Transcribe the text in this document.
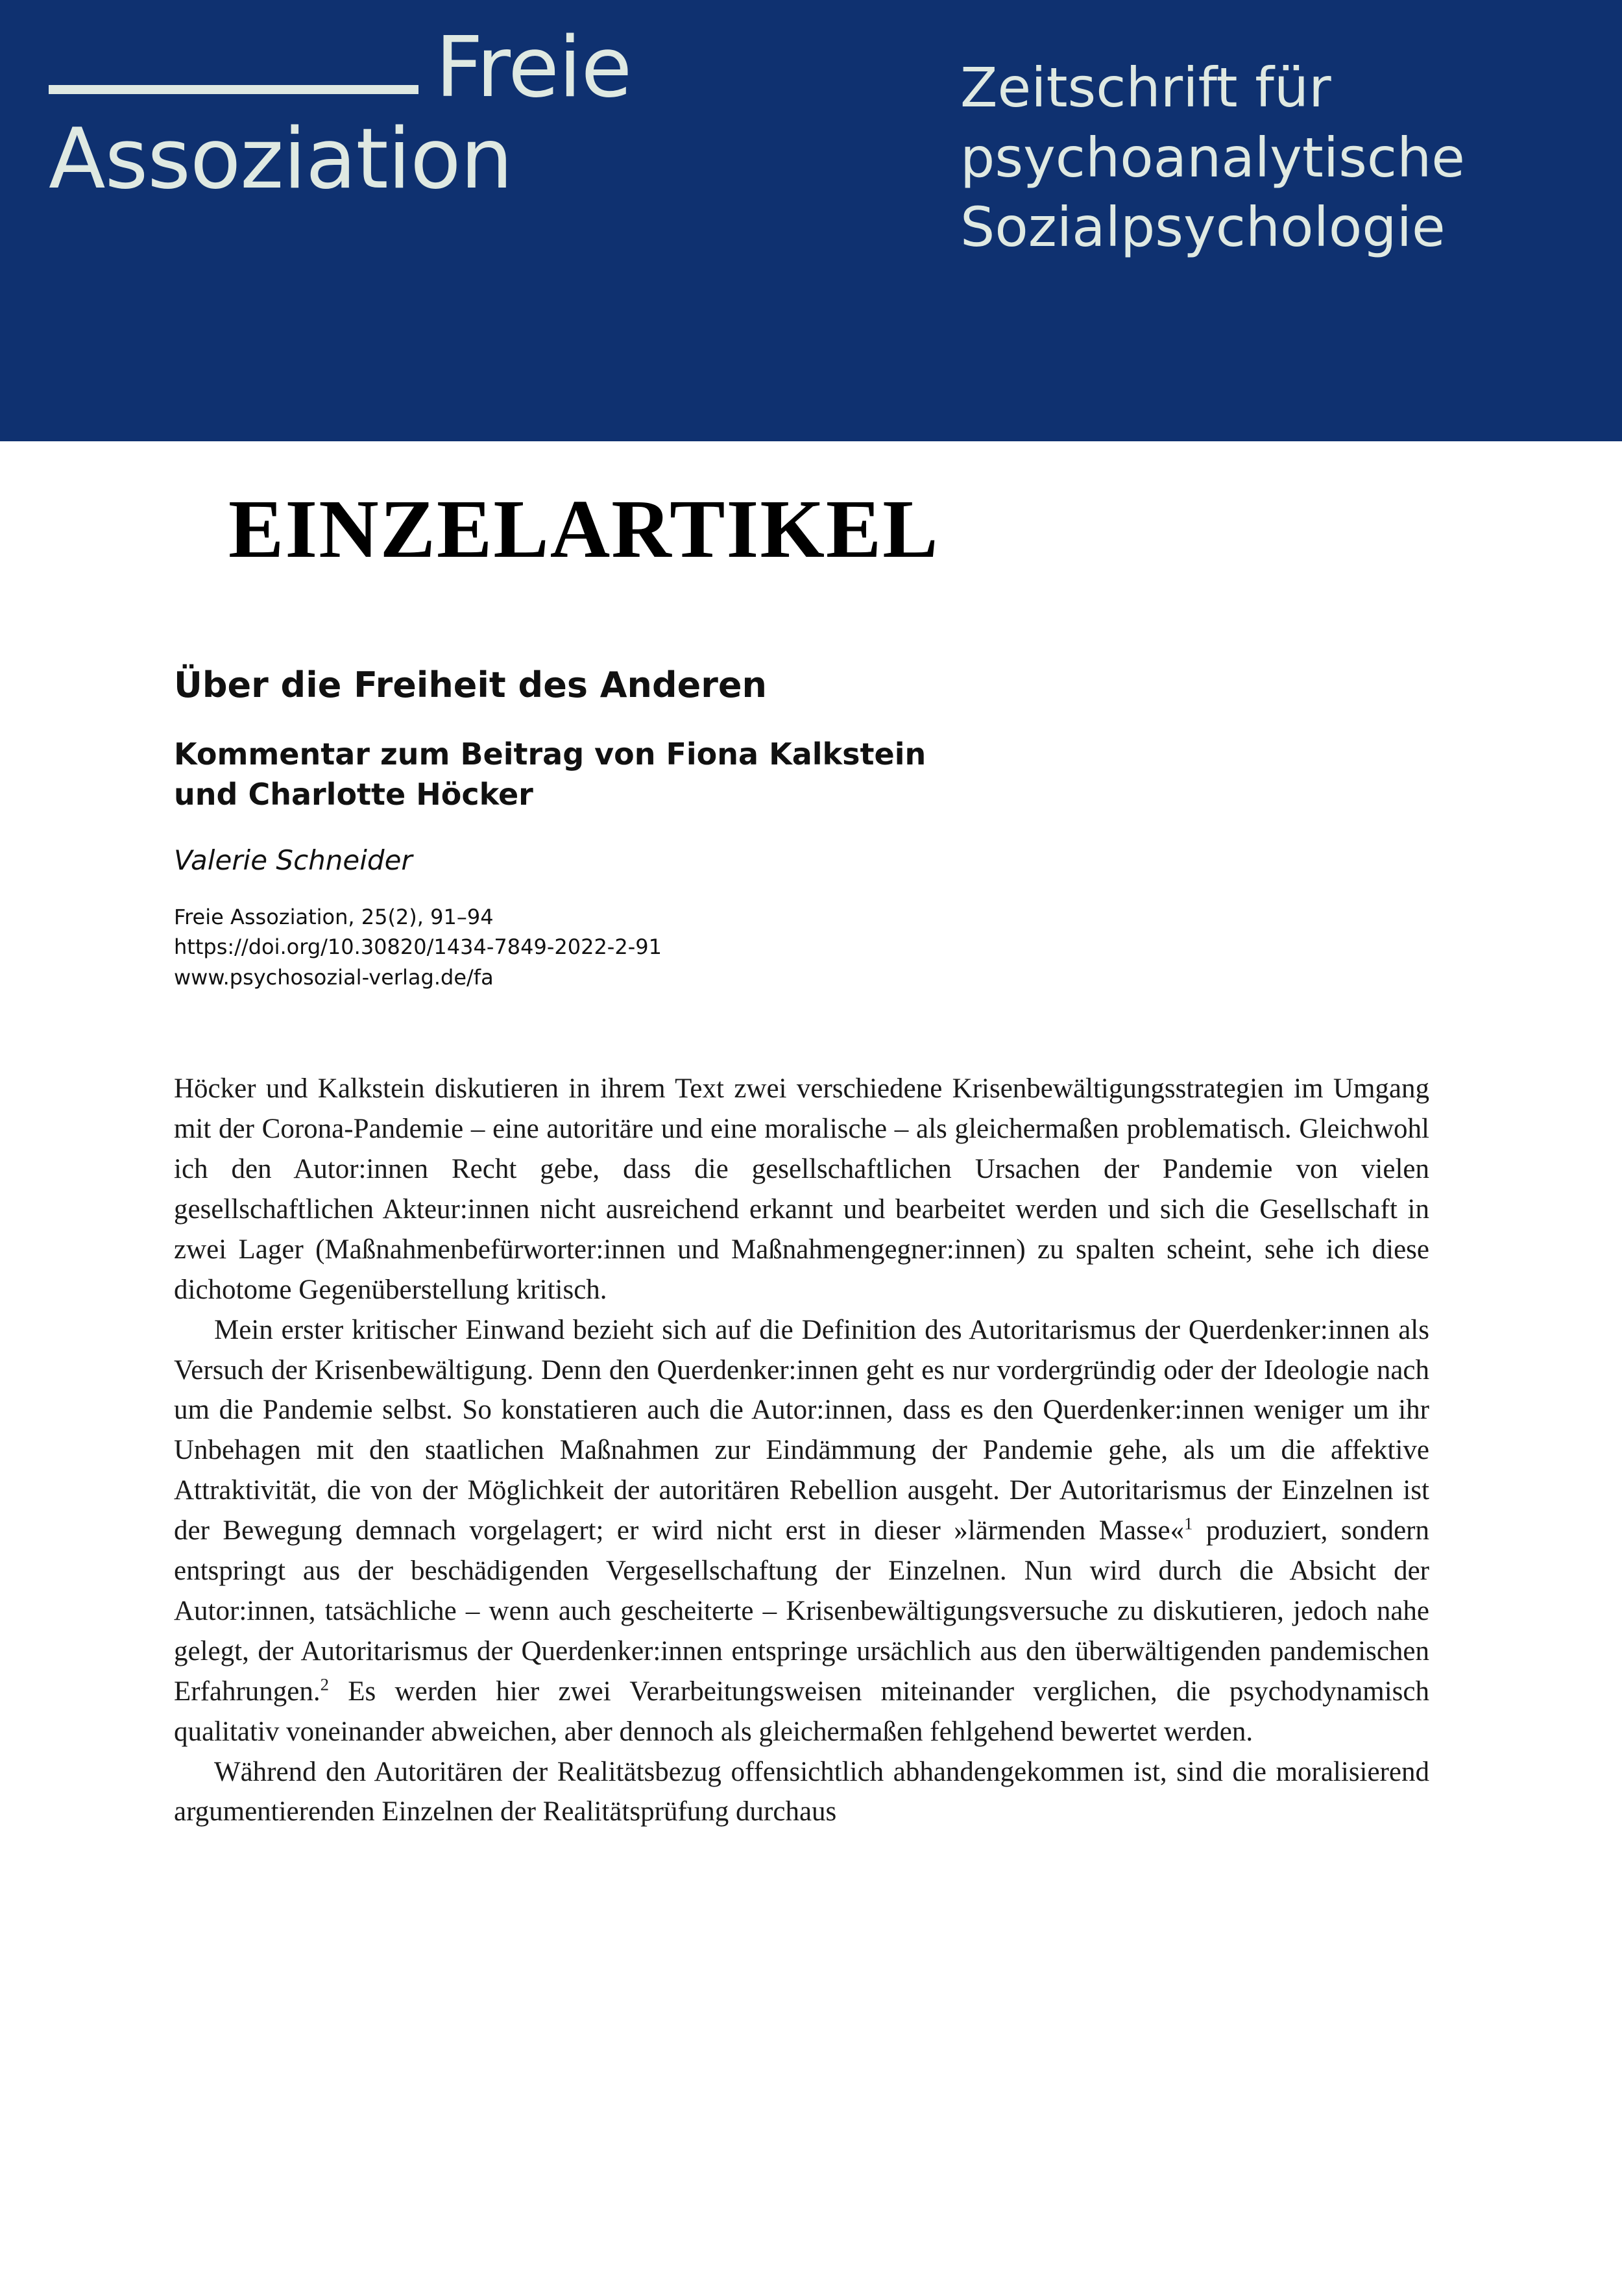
Freie
Assoziation
Zeitschrift für
psychoanalytische
Sozialpsychologie
EINZELARTIKEL
Über die Freiheit des Anderen
Kommentar zum Beitrag von Fiona Kalkstein
und Charlotte Höcker
Valerie Schneider
Freie Assoziation, 25(2), 91–94
https://doi.org/10.30820/1434-7849-2022-2-91
www.psychosozial-verlag.de/fa

Höcker und Kalkstein diskutieren in ihrem Text zwei verschiedene Krisenbewältigungsstrategien im Umgang mit der Corona-Pandemie – eine autoritäre und eine moralische – als gleichermaßen problematisch. Gleichwohl ich den Autor:innen Recht gebe, dass die gesellschaftlichen Ursachen der Pandemie von vielen gesellschaftlichen Akteur:innen nicht ausreichend erkannt und bearbeitet werden und sich die Gesellschaft in zwei Lager (Maßnahmenbefürworter:innen und Maßnahmengegner:innen) zu spalten scheint, sehe ich diese dichotome Gegenüberstellung kritisch.

Mein erster kritischer Einwand bezieht sich auf die Definition des Autoritarismus der Querdenker:innen als Versuch der Krisenbewältigung. Denn den Querdenker:innen geht es nur vordergründig oder der Ideologie nach um die Pandemie selbst. So konstatieren auch die Autor:innen, dass es den Querdenker:innen weniger um ihr Unbehagen mit den staatlichen Maßnahmen zur Eindämmung der Pandemie gehe, als um die affektive Attraktivität, die von der Möglichkeit der autoritären Rebellion ausgeht. Der Autoritarismus der Einzelnen ist der Bewegung demnach vorgelagert; er wird nicht erst in dieser »lärmenden Masse«$^1$ produziert, sondern entspringt aus der beschädigenden Vergesellschaftung der Einzelnen. Nun wird durch die Absicht der Autor:innen, tatsächliche – wenn auch gescheiterte – Krisenbewältigungsversuche zu diskutieren, jedoch nahe gelegt, der Autoritarismus der Querdenker:innen entspringe ursächlich aus den überwältigenden pandemischen Erfahrungen.$^2$ Es werden hier zwei Verarbeitungsweisen miteinander verglichen, die psychodynamisch qualitativ voneinander abweichen, aber dennoch als gleichermaßen fehlgehend bewertet werden.

Während den Autoritären der Realitätsbezug offensichtlich abhandengekommen ist, sind die moralisierend argumentierenden Einzelnen der Realitätsprüfung durchaus
